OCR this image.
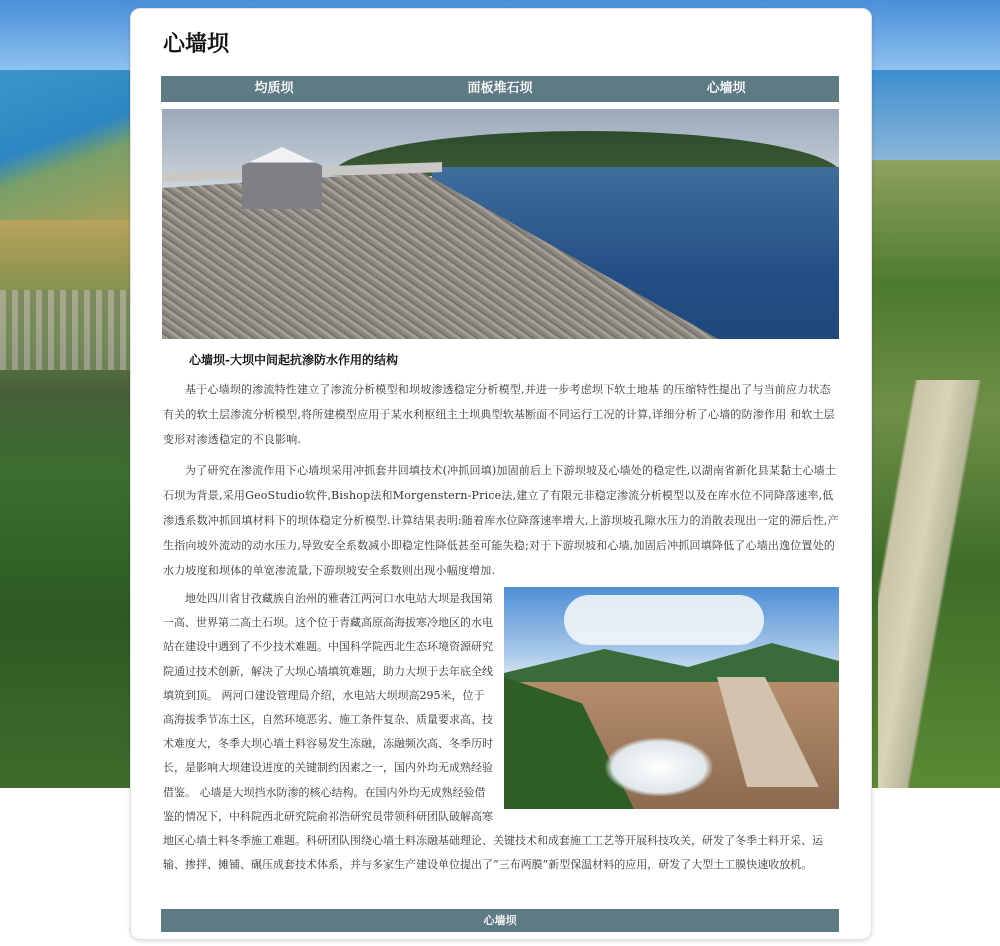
心墙坝
均质坝	面板堆石坝	心墙坝

心墙坝-大坝中间起抗渗防水作用的结构

基于心墙坝的渗流特性建立了渗流分析模型和坝坡渗透稳定分析模型,并进一步考虑坝下软土地基 的压缩特性提出了与当前应力状态有关的软土层渗流分析模型,将所建模型应用于某水利枢纽主土坝典型软基断面不同运行工况的计算,详细分析了心墙的防渗作用 和软土层变形对渗透稳定的不良影响.

为了研究在渗流作用下心墙坝采用冲抓套井回填技术(冲抓回填)加固前后上下游坝坡及心墙处的稳定性,以湖南省新化县某黏土心墙土石坝为背景,采用GeoStudio软件,Bishop法和Morgenstern-Price法,建立了有限元非稳定渗流分析模型以及在库水位不同降落速率,低渗透系数冲抓回填材料下的坝体稳定分析模型.计算结果表明:随着库水位降落速率增大,上游坝坡孔隙水压力的消散表现出一定的滞后性,产生指向坡外流动的动水压力,导致安全系数减小即稳定性降低甚至可能失稳;对于下游坝坡和心墙,加固后冲抓回填降低了心墙出逸位置处的水力坡度和坝体的单宽渗流量,下游坝坡安全系数则出现小幅度增加.

地处四川省甘孜藏族自治州的雅砻江两河口水电站大坝是我国第一高、世界第二高土石坝。这个位于青藏高原高海拔寒冷地区的水电站在建设中遇到了不少技术难题。中国科学院西北生态环境资源研究院通过技术创新，解决了大坝心墙填筑难题，助力大坝于去年底全线填筑到顶。 两河口建设管理局介绍，水电站大坝坝高295米，位于高海拔季节冻土区，自然环境恶劣、施工条件复杂、质量要求高、技术难度大，冬季大坝心墙土料容易发生冻融，冻融频次高、冬季历时长，是影响大坝建设进度的关键制约因素之一，国内外均无成熟经验借鉴。 心墙是大坝挡水防渗的核心结构。在国内外均无成熟经验借鉴的情况下，中科院西北研究院俞祁浩研究员带领科研团队破解高寒地区心墙土料冬季施工难题。科研团队围绕心墙土料冻融基础理论、关键技术和成套施工工艺等开展科技攻关，研发了冬季土料开采、运输、掺拌、摊铺、碾压成套技术体系，并与多家生产建设单位提出了“三布两膜”新型保温材料的应用，研发了大型土工膜快速收放机。

心墙坝
